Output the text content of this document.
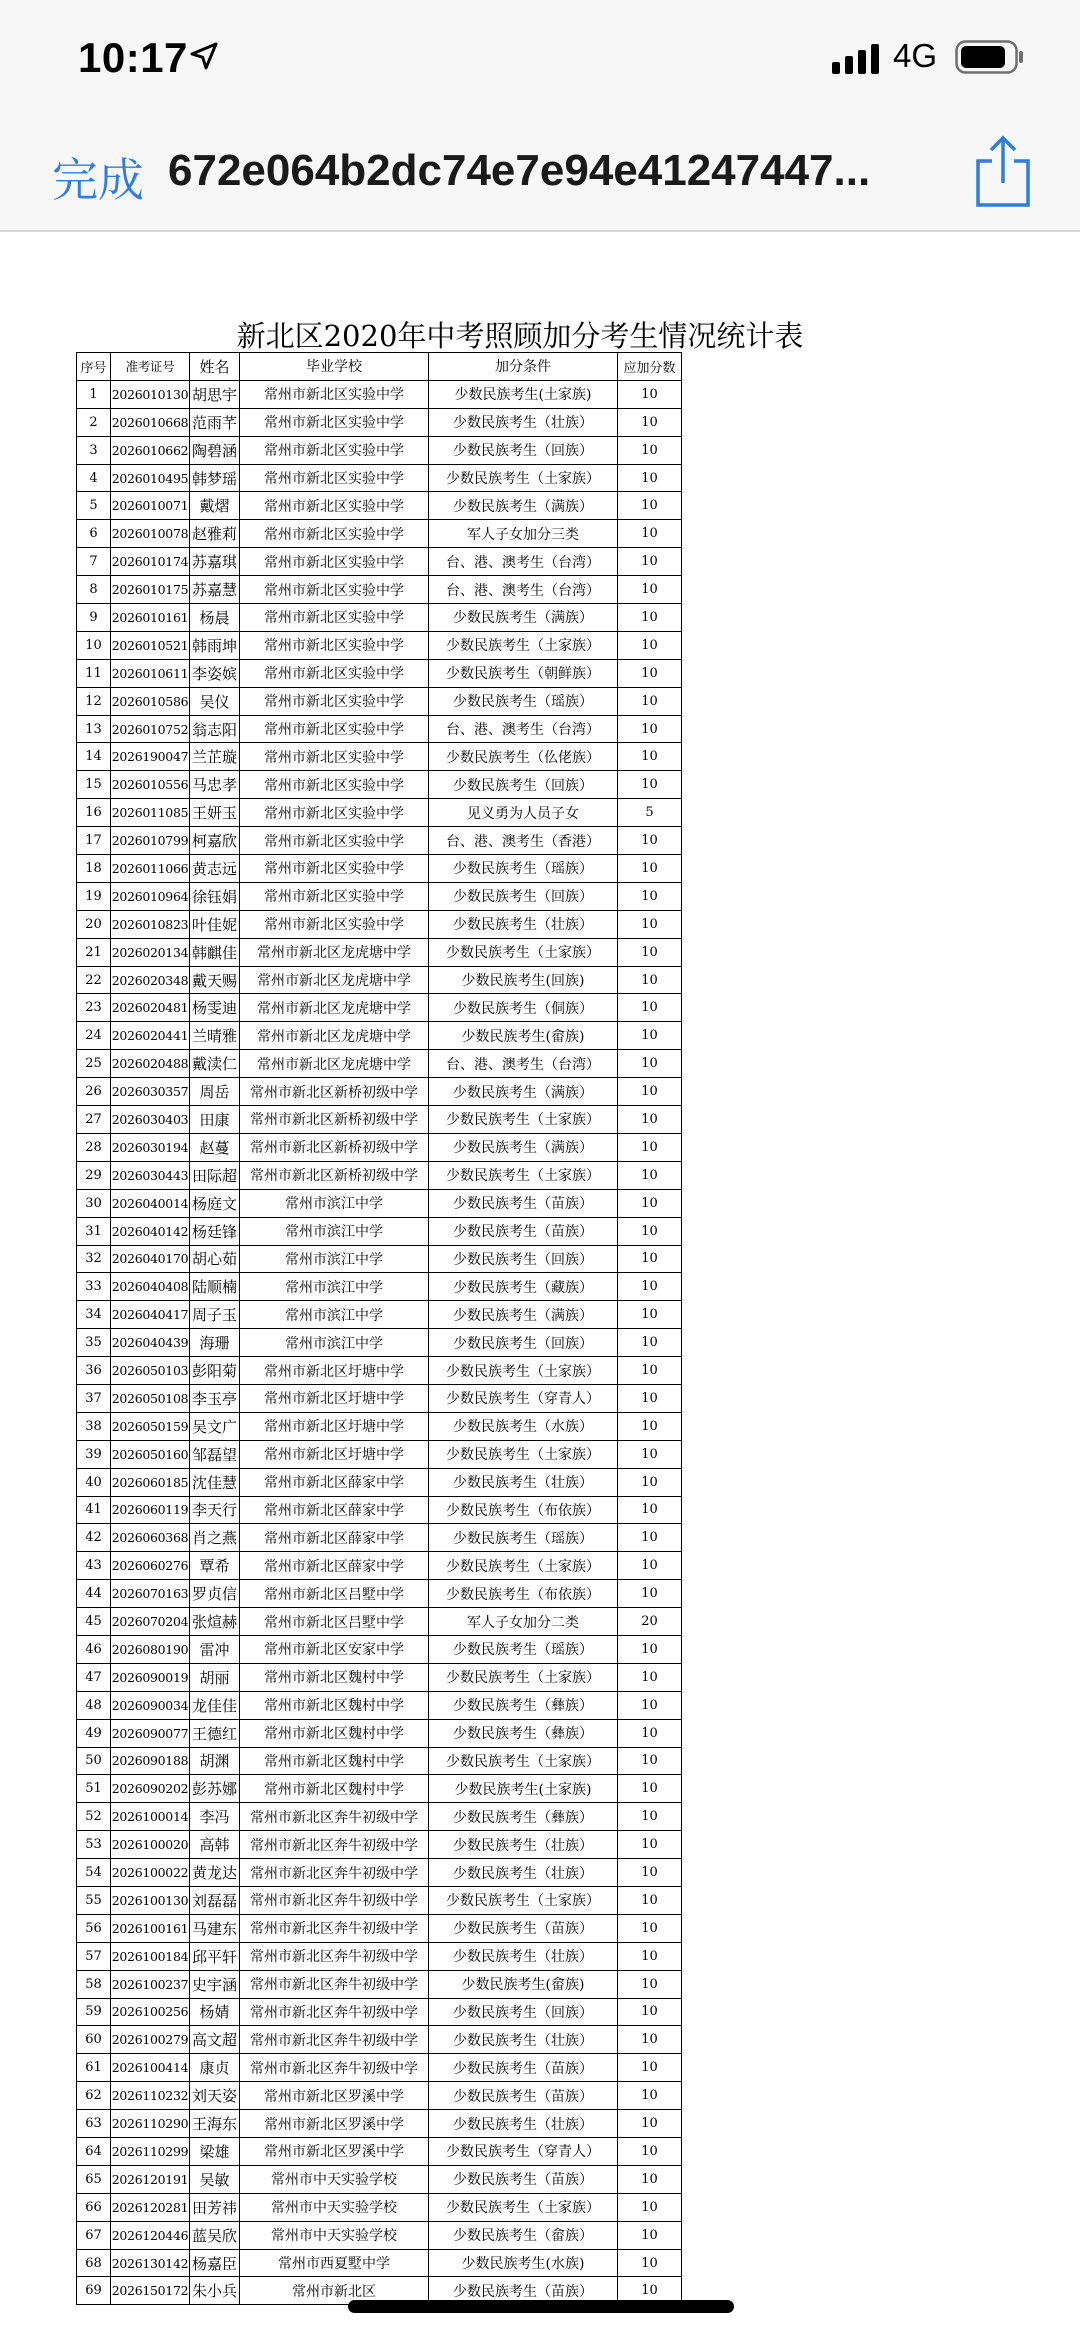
10:17	4G
完成 672e064b2dc74e7e94e41247447...
新北区2020年中考照顾加分考生情况统计表
序号	准考证号	姓名	毕业学校	加分条件	应加分数
1	2026010130	胡思宇	常州市新北区实验中学	少数民族考生(土家族)	10
2	2026010668	范雨芊	常州市新北区实验中学	少数民族考生（壮族）	10
3	2026010662	陶碧涵	常州市新北区实验中学	少数民族考生（回族）	10
4	2026010495	韩梦瑶	常州市新北区实验中学	少数民族考生（土家族）	10
5	2026010071	戴熠	常州市新北区实验中学	少数民族考生（满族）	10
6	2026010078	赵雅莉	常州市新北区实验中学	军人子女加分三类	10
7	2026010174	苏嘉琪	常州市新北区实验中学	台、港、澳考生（台湾）	10
8	2026010175	苏嘉慧	常州市新北区实验中学	台、港、澳考生（台湾）	10
9	2026010161	杨晨	常州市新北区实验中学	少数民族考生（满族）	10
10	2026010521	韩雨坤	常州市新北区实验中学	少数民族考生（土家族）	10
11	2026010611	李姿嫔	常州市新北区实验中学	少数民族考生（朝鲜族）	10
12	2026010586	吴仪	常州市新北区实验中学	少数民族考生（瑶族）	10
13	2026010752	翁志阳	常州市新北区实验中学	台、港、澳考生（台湾）	10
14	2026190047	兰芷璇	常州市新北区实验中学	少数民族考生（仫佬族）	10
15	2026010556	马忠孝	常州市新北区实验中学	少数民族考生（回族）	10
16	2026011085	王妍玉	常州市新北区实验中学	见义勇为人员子女	5
17	2026010799	柯嘉欣	常州市新北区实验中学	台、港、澳考生（香港）	10
18	2026011066	黄志远	常州市新北区实验中学	少数民族考生（瑶族）	10
19	2026010964	徐钰娟	常州市新北区实验中学	少数民族考生（回族）	10
20	2026010823	叶佳妮	常州市新北区实验中学	少数民族考生（壮族）	10
21	2026020134	韩麒佳	常州市新北区龙虎塘中学	少数民族考生（土家族）	10
22	2026020348	戴天赐	常州市新北区龙虎塘中学	少数民族考生(回族)	10
23	2026020481	杨雯迪	常州市新北区龙虎塘中学	少数民族考生（侗族）	10
24	2026020441	兰晴雅	常州市新北区龙虎塘中学	少数民族考生(畲族)	10
25	2026020488	戴渎仁	常州市新北区龙虎塘中学	台、港、澳考生（台湾）	10
26	2026030357	周岳	常州市新北区新桥初级中学	少数民族考生（满族）	10
27	2026030403	田康	常州市新北区新桥初级中学	少数民族考生（土家族）	10
28	2026030194	赵蔓	常州市新北区新桥初级中学	少数民族考生（满族）	10
29	2026030443	田际超	常州市新北区新桥初级中学	少数民族考生（土家族）	10
30	2026040014	杨庭文	常州市滨江中学	少数民族考生（苗族）	10
31	2026040142	杨廷锋	常州市滨江中学	少数民族考生（苗族）	10
32	2026040170	胡心茹	常州市滨江中学	少数民族考生（回族）	10
33	2026040408	陆顺楠	常州市滨江中学	少数民族考生（藏族）	10
34	2026040417	周子玉	常州市滨江中学	少数民族考生（满族）	10
35	2026040439	海珊	常州市滨江中学	少数民族考生（回族）	10
36	2026050103	彭阳菊	常州市新北区圩塘中学	少数民族考生（土家族）	10
37	2026050108	李玉亭	常州市新北区圩塘中学	少数民族考生（穿青人）	10
38	2026050159	吴文广	常州市新北区圩塘中学	少数民族考生（水族）	10
39	2026050160	邹磊望	常州市新北区圩塘中学	少数民族考生（土家族）	10
40	2026060185	沈佳慧	常州市新北区薛家中学	少数民族考生（壮族）	10
41	2026060119	李天行	常州市新北区薛家中学	少数民族考生（布依族）	10
42	2026060368	肖之燕	常州市新北区薛家中学	少数民族考生（瑶族）	10
43	2026060276	覃希	常州市新北区薛家中学	少数民族考生（土家族）	10
44	2026070163	罗贞信	常州市新北区吕墅中学	少数民族考生（布依族）	10
45	2026070204	张煊赫	常州市新北区吕墅中学	军人子女加分二类	20
46	2026080190	雷冲	常州市新北区安家中学	少数民族考生（瑶族）	10
47	2026090019	胡丽	常州市新北区魏村中学	少数民族考生（土家族）	10
48	2026090034	龙佳佳	常州市新北区魏村中学	少数民族考生（彝族）	10
49	2026090077	王德红	常州市新北区魏村中学	少数民族考生（彝族）	10
50	2026090188	胡渊	常州市新北区魏村中学	少数民族考生（土家族）	10
51	2026090202	彭苏娜	常州市新北区魏村中学	少数民族考生(土家族)	10
52	2026100014	李冯	常州市新北区奔牛初级中学	少数民族考生（彝族）	10
53	2026100020	高韩	常州市新北区奔牛初级中学	少数民族考生（壮族）	10
54	2026100022	黄龙达	常州市新北区奔牛初级中学	少数民族考生（壮族）	10
55	2026100130	刘磊磊	常州市新北区奔牛初级中学	少数民族考生（土家族）	10
56	2026100161	马建东	常州市新北区奔牛初级中学	少数民族考生（苗族）	10
57	2026100184	邱平轩	常州市新北区奔牛初级中学	少数民族考生（壮族）	10
58	2026100237	史宇涵	常州市新北区奔牛初级中学	少数民族考生(畲族)	10
59	2026100256	杨婧	常州市新北区奔牛初级中学	少数民族考生（回族）	10
60	2026100279	高文超	常州市新北区奔牛初级中学	少数民族考生（壮族）	10
61	2026100414	康贞	常州市新北区奔牛初级中学	少数民族考生（苗族）	10
62	2026110232	刘天姿	常州市新北区罗溪中学	少数民族考生（苗族）	10
63	2026110290	王海东	常州市新北区罗溪中学	少数民族考生（壮族）	10
64	2026110299	梁雄	常州市新北区罗溪中学	少数民族考生（穿青人）	10
65	2026120191	吴敏	常州市中天实验学校	少数民族考生（苗族）	10
66	2026120281	田芳祎	常州市中天实验学校	少数民族考生（土家族）	10
67	2026120446	蓝吴欣	常州市中天实验学校	少数民族考生（畲族）	10
68	2026130142	杨嘉臣	常州市西夏墅中学	少数民族考生(水族)	10
69	2026150172	朱小兵	常州市新北区	少数民族考生（苗族）	10
